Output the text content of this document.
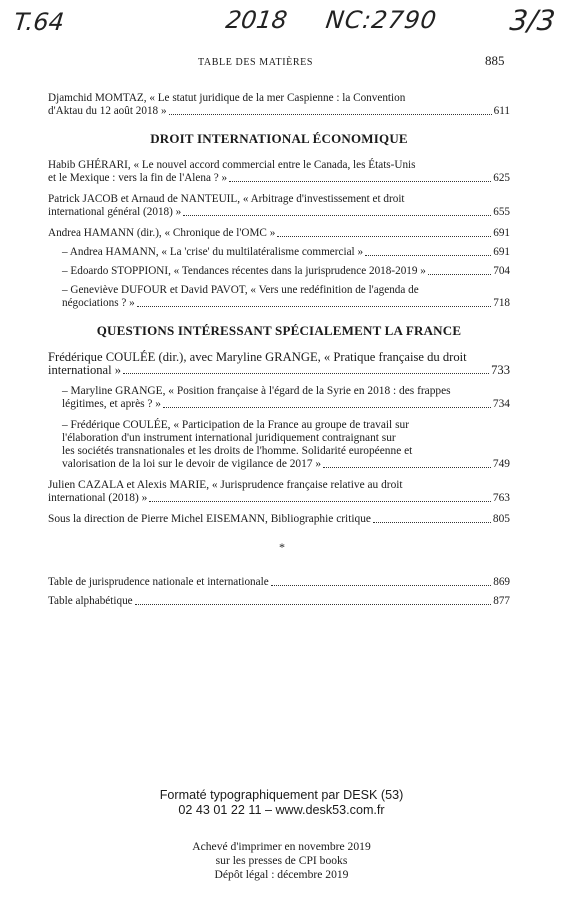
T.64	2018 NC:2790 3/3
TABLE DES MATIÈRES	885
Djamchid MOMTAZ, « Le statut juridique de la mer Caspienne : la Convention
d'Aktau du 12 août 2018 »	611
DROIT INTERNATIONAL ÉCONOMIQUE
Habib GHÉRARI, « Le nouvel accord commercial entre le Canada, les États-Unis
et le Mexique : vers la fin de l'Alena ? »	625
Patrick JACOB et Arnaud de NANTEUIL, « Arbitrage d'investissement et droit
international général (2018) »	655
Andrea HAMANN (dir.), « Chronique de l'OMC »	691
– Andrea HAMANN, « La 'crise' du multilatéralisme commercial »	691
– Edoardo STOPPIONI, « Tendances récentes dans la jurisprudence 2018-2019 »	704
– Geneviève DUFOUR et David PAVOT, « Vers une redéfinition de l'agenda de
négociations ? »	718
QUESTIONS INTÉRESSANT SPÉCIALEMENT LA FRANCE
Frédérique COULÉE (dir.), avec Maryline GRANGE, « Pratique française du droit
international »	733
– Maryline GRANGE, « Position française à l'égard de la Syrie en 2018 : des frappes
légitimes, et après ? »	734
– Frédérique COULÉE, « Participation de la France au groupe de travail sur
l'élaboration d'un instrument international juridiquement contraignant sur
les sociétés transnationales et les droits de l'homme. Solidarité européenne et
valorisation de la loi sur le devoir de vigilance de 2017 »	749
Julien CAZALA et Alexis MARIE, « Jurisprudence française relative au droit
international (2018) »	763
Sous la direction de Pierre Michel EISEMANN, Bibliographie critique	805
*
Table de jurisprudence nationale et internationale	869
Table alphabétique	877
Formaté typographiquement par DESK (53)
02 43 01 22 11 – www.desk53.com.fr
Achevé d'imprimer en novembre 2019
sur les presses de CPI books
Dépôt légal : décembre 2019
